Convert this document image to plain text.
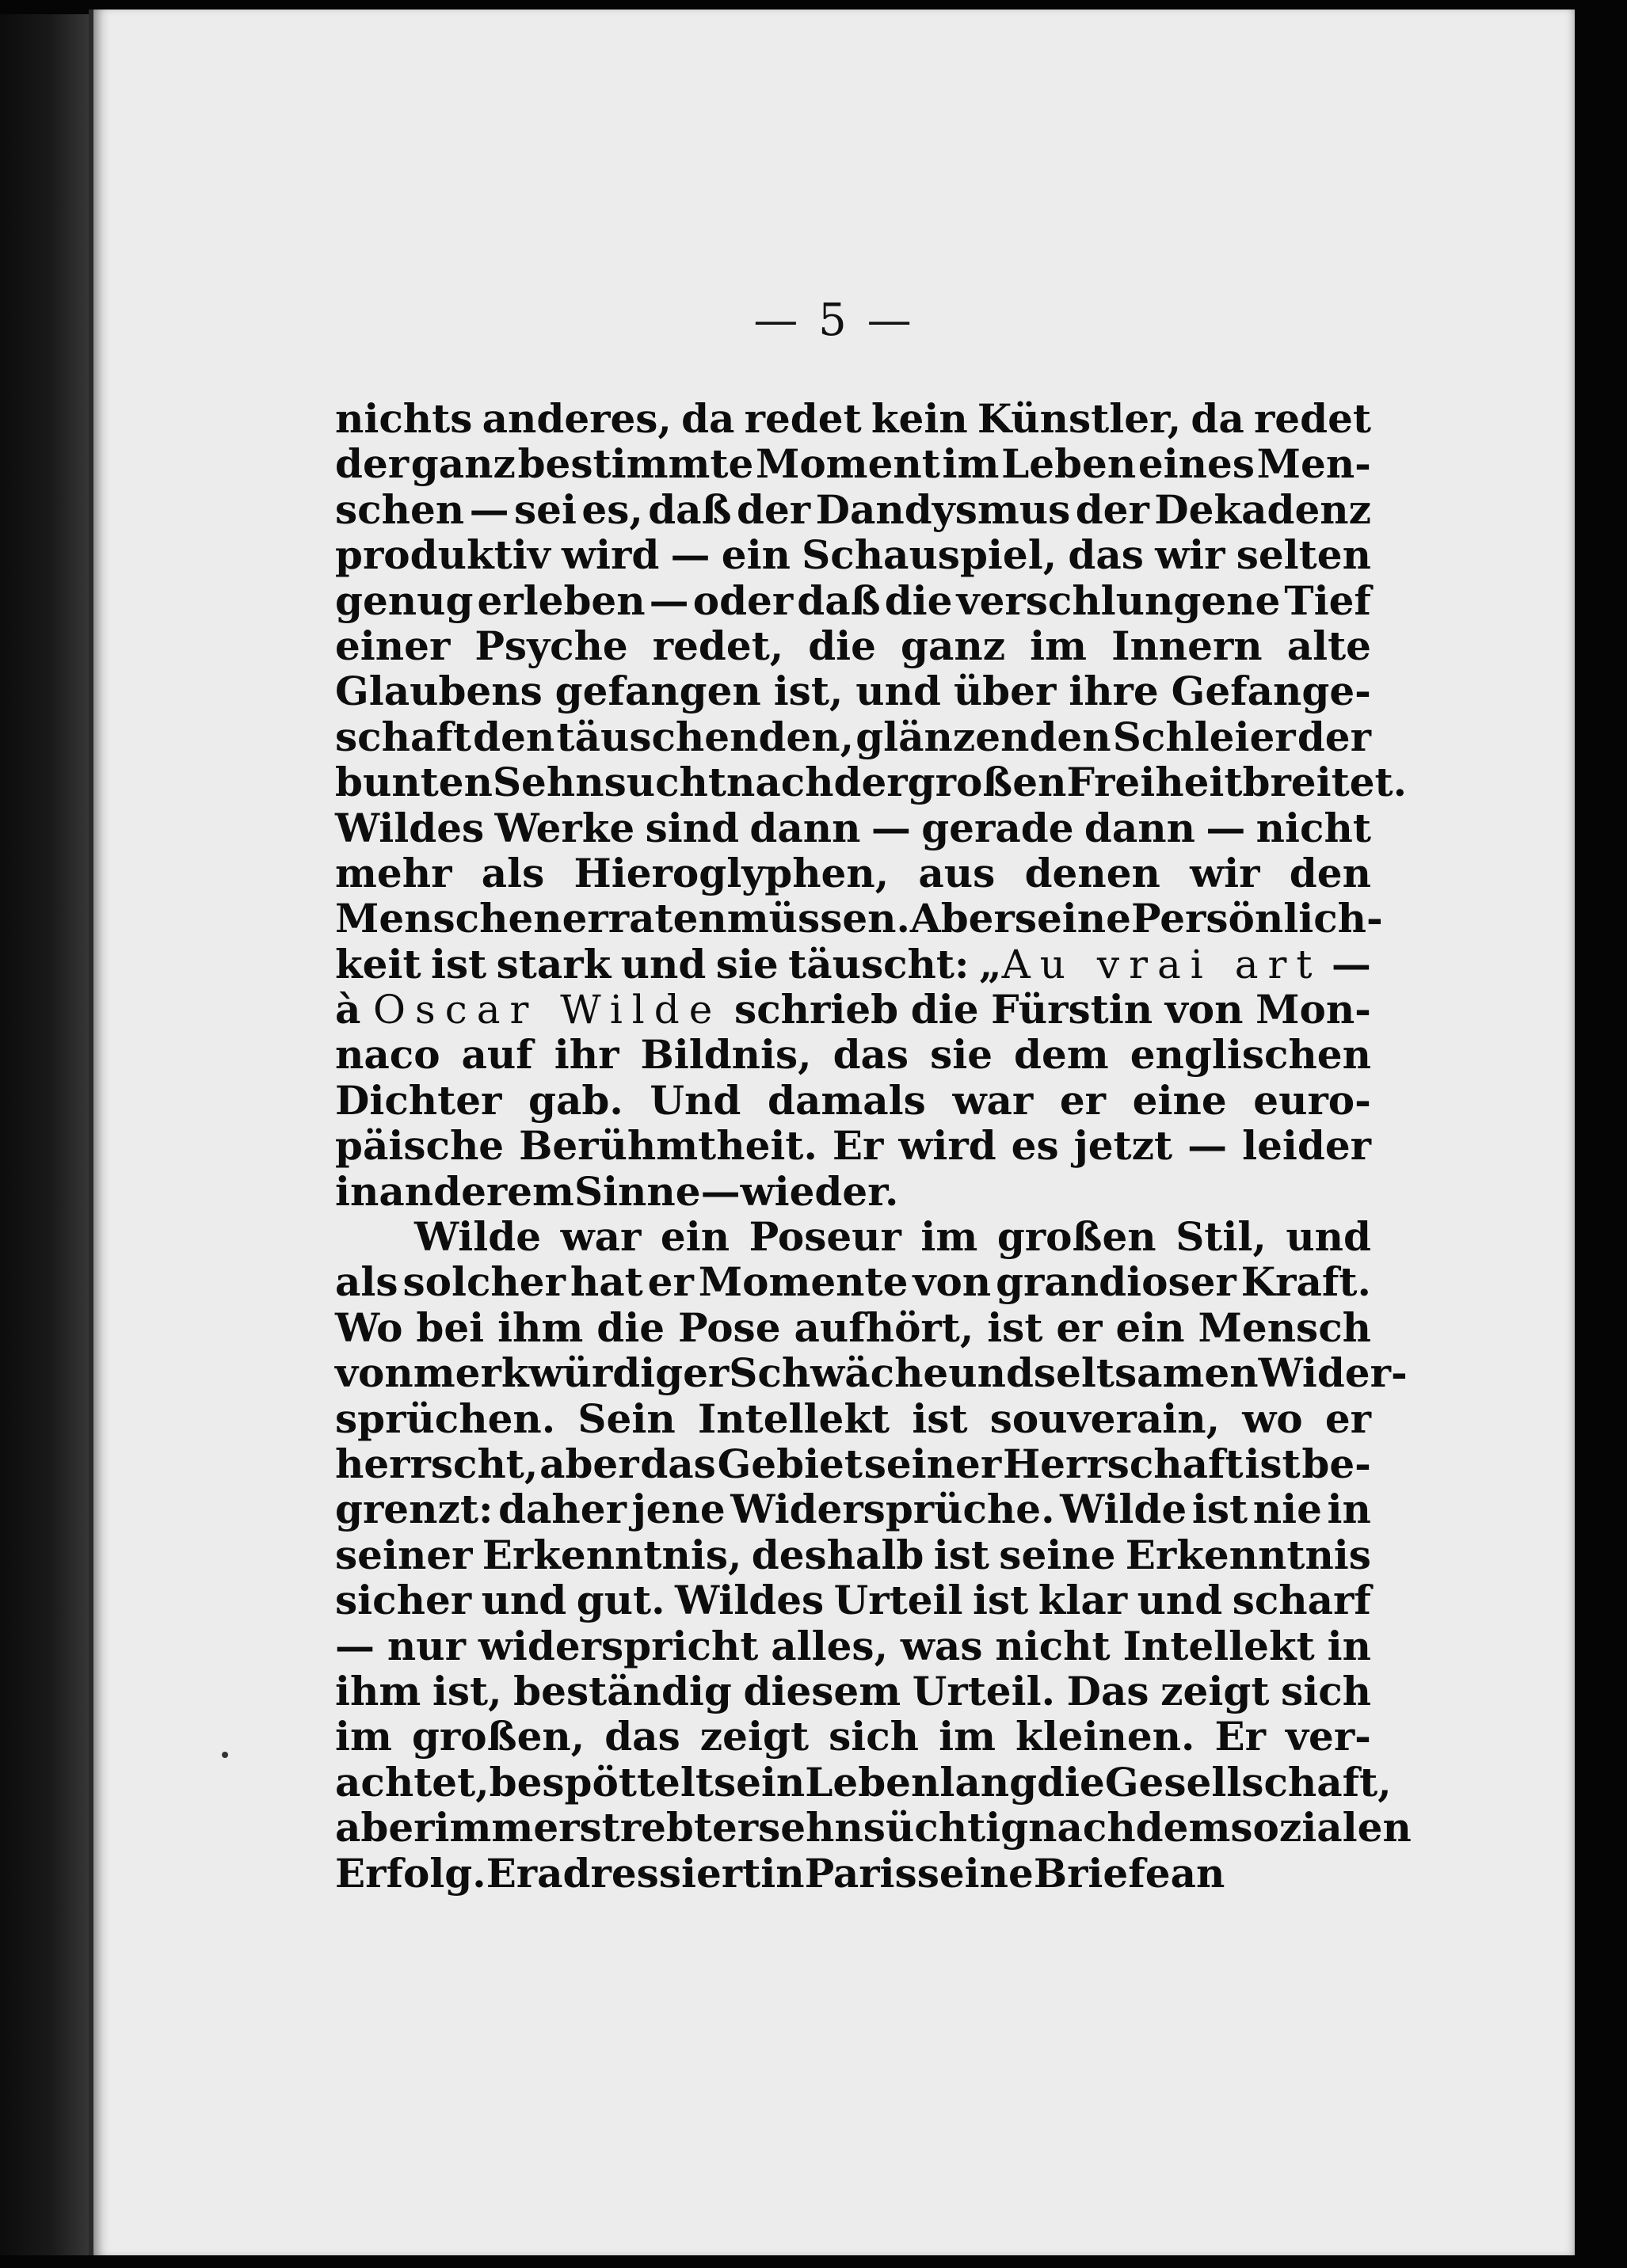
— 5 —
nichts anderes, da redet kein Künstler, da redet
der ganz bestimmte Moment im Leben eines Men-
schen — sei es, daß der Dandysmus der Dekadenz
produktiv wird — ein Schauspiel, das wir selten
genug erleben — oder daß die verschlungene Tief
einer Psyche redet, die ganz im Innern alte
Glaubens gefangen ist, und über ihre Gefange-
schaft den täuschenden, glänzenden Schleier der
bunten Sehnsucht nach der großen Freiheit breitet.
Wildes Werke sind dann — gerade dann — nicht
mehr als Hieroglyphen, aus denen wir den
Menschen erraten müssen. Aber seine Persönlich-
keit ist stark und sie täuscht: „Au vrai art —
à Oscar Wilde schrieb die Fürstin von Mon-
naco auf ihr Bildnis, das sie dem englischen
Dichter gab. Und damals war er eine euro-
päische Berühmtheit. Er wird es jetzt — leider
in anderem Sinne — wieder.
Wilde war ein Poseur im großen Stil, und
als solcher hat er Momente von grandioser Kraft.
Wo bei ihm die Pose aufhört, ist er ein Mensch
von merkwürdiger Schwäche und seltsamen Wider-
sprüchen. Sein Intellekt ist souverain, wo er
herrscht, aber das Gebiet seiner Herrschaft ist be-
grenzt: daher jene Widersprüche. Wilde ist nie in
seiner Erkenntnis, deshalb ist seine Erkenntnis
sicher und gut. Wildes Urteil ist klar und scharf
— nur widerspricht alles, was nicht Intellekt in
ihm ist, beständig diesem Urteil. Das zeigt sich
im großen, das zeigt sich im kleinen. Er ver-
achtet, bespöttelt sein Leben lang die Gesellschaft,
aber immer strebt er sehnsüchtig nach dem sozialen
Erfolg. Er adressiert in Paris seine Briefe an
